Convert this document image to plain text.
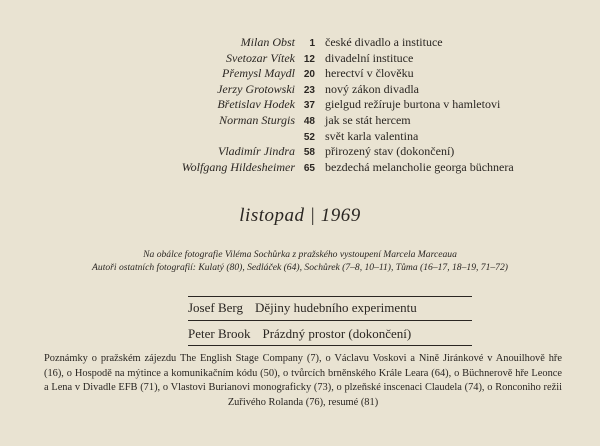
Milan Obst	1 české divadlo a instituce
Svetozar Vítek 12 divadelní instituce
Přemysl Maydl 20 herectví v člověku
Jerzy Grotowski 23 nový zákon divadla
Břetislav Hodek 37 gielgud režíruje burtona v hamletovi
Norman Sturgis 48 jak se stát hercem
52 svět karla valentina
Vladimír Jindra 58 přirozený stav (dokončení)
Wolfgang Hildesheimer 65 bezdechá melancholie georga büchnera
listopad | 1969
Na obálce fotografie Viléma Sochůrka z pražského vystoupení Marcela Marceaua
Autoři ostatních fotografií: Kulatý (80), Sedláček (64), Sochůrek (7–8, 10–11), Tůma (16–17, 18–19, 71–72)
Josef Berg Dějiny hudebního experimentu
Peter Brook Prázdný prostor (dokončení)
Poznámky o pražském zájezdu The English Stage Company (7), o Václavu Voskovi a Nině Jiránkové v Anouilhově hře (16), o Hospodě na mýtince a komunikačním kódu (50), o tvůrcích brněnského Krále Leara (64), o Büchnerově hře Leonce a Lena v Divadle EFB (71), o Vlastovi Burianovi monograficky (73), o plzeňské inscenaci Claudela (74), o Ronconiho režii Zuřivého Rolanda (76), resumé (81)
